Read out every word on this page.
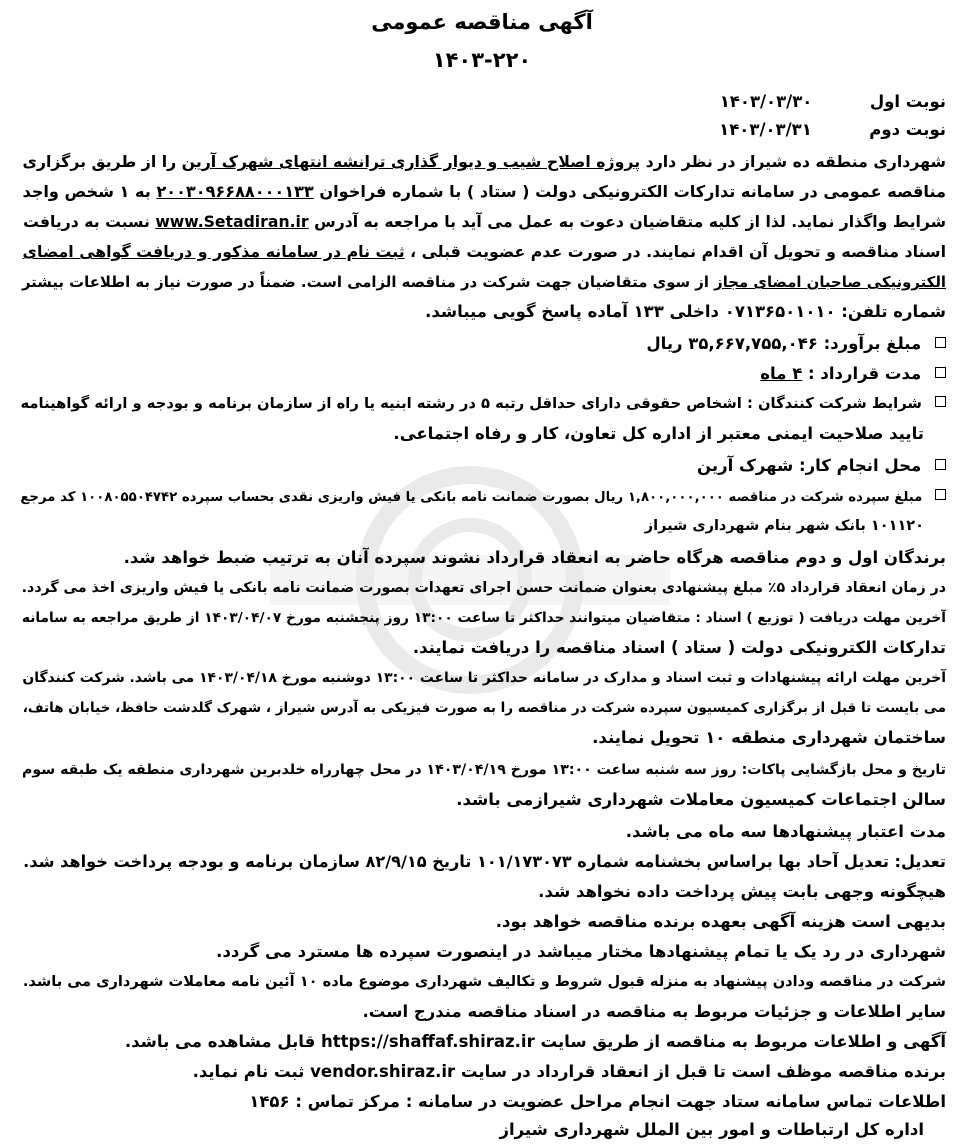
آگهی مناقصه عمومی
۱۴۰۳-۲۲۰
نوبت اول          ۱۴۰۳/۰۳/۳۰
نوبت دوم          ۱۴۰۳/۰۳/۳۱
شهرداری منطقه ده شیراز در نظر دارد پروژه اصلاح شیب و دیوار گذاری ترانشه انتهای شهرک آرین را از طریق برگزاری
مناقصه عمومی در سامانه تدارکات الکترونیکی دولت ( ستاد ) با شماره فراخوان ۲۰۰۳۰۹۶۶۸۸۰۰۰۱۳۳ به ۱ شخص واجد
شرایط واگذار نماید. لذا از کلیه متقاضیان دعوت به عمل می آید با مراجعه به آدرس www.Setadiran.ir نسبت به دریافت
اسناد مناقصه و تحویل آن اقدام نمایند. در صورت عدم عضویت قبلی ، ثبت نام در سامانه مذکور و دریافت گواهی امضای
الکترونیکی صاحبان امضای مجاز از سوی متقاضیان جهت شرکت در مناقصه الزامی است. ضمناً در صورت نیاز به اطلاعات بیشتر
شماره تلفن: ۰۷۱۳۶۵۰۱۰۱۰ داخلی ۱۳۳ آماده پاسخ گویی میباشد.
مبلغ برآورد: ۳۵,۶۶۷,۷۵۵,۰۴۶ ریال
مدت قرارداد : ۴ ماه
شرایط شرکت کنندگان : اشخاص حقوقی دارای حداقل رتبه ۵ در رشته ابنیه یا راه از سازمان برنامه و بودجه و ارائه گواهینامه
تایید صلاحیت ایمنی معتبر از اداره کل تعاون، کار و رفاه اجتماعی.
محل انجام کار: شهرک آرین
مبلغ سپرده شرکت در مناقصه ۱,۸۰۰,۰۰۰,۰۰۰ ریال بصورت ضمانت نامه بانکی یا فیش واریزی نقدی بحساب سپرده ۱۰۰۸۰۵۵۰۴۷۴۲ کد مرجع
۱۰۱۱۲۰ بانک شهر بنام شهرداری شیراز
برندگان اول و دوم مناقصه هرگاه حاضر به انعقاد قرارداد نشوند سپرده آنان به ترتیب ضبط خواهد شد.
در زمان انعقاد قرارداد ۵٪ مبلغ پیشنهادی بعنوان ضمانت حسن اجرای تعهدات بصورت ضمانت نامه بانکی یا فیش واریزی اخذ می گردد.
آخرین مهلت دریافت ( توزیع ) اسناد : متقاضیان میتوانند حداکثر تا ساعت ۱۳:۰۰ روز پنجشنبه مورخ ۱۴۰۳/۰۴/۰۷ از طریق مراجعه به سامانه
تدارکات الکترونیکی دولت ( ستاد ) اسناد مناقصه را دریافت نمایند.
آخرین مهلت ارائه پیشنهادات و ثبت اسناد و مدارک در سامانه حداکثر تا ساعت ۱۳:۰۰ دوشنبه مورخ ۱۴۰۳/۰۴/۱۸ می باشد. شرکت کنندگان
می بایست تا قبل از برگزاری کمیسیون سپرده شرکت در مناقصه را به صورت فیزیکی به آدرس شیراز ، شهرک گلدشت حافظ، خیابان هاتف،
ساختمان شهرداری منطقه ۱۰ تحویل نمایند.
تاریخ و محل بازگشایی پاکات: روز سه شنبه ساعت ۱۳:۰۰ مورخ ۱۴۰۳/۰۴/۱۹ در محل چهارراه خلدبرین شهرداری منطقه یک طبقه سوم
سالن اجتماعات کمیسیون معاملات شهرداری شیرازمی باشد.
مدت اعتبار پیشنهادها سه ماه می باشد.
تعدیل: تعدیل آحاد بها براساس بخشنامه شماره ۱۰۱/۱۷۳۰۷۳ تاریخ ۸۲/۹/۱۵ سازمان برنامه و بودجه پرداخت خواهد شد.
هیچگونه وجهی بابت پیش پرداخت داده نخواهد شد.
بدیهی است هزینه آگهی بعهده برنده مناقصه خواهد بود.
شهرداری در رد یک یا تمام پیشنهادها مختار میباشد در اینصورت سپرده ها مسترد می گردد.
شرکت در مناقصه ودادن پیشنهاد به منزله قبول شروط و تکالیف شهرداری موضوع ماده ۱۰ آئین نامه معاملات شهرداری می باشد.
سایر اطلاعات و جزئیات مربوط به مناقصه در اسناد مناقصه مندرج است.
آگهی و اطلاعات مربوط به مناقصه از طریق سایت https://shaffaf.shiraz.ir قابل مشاهده می باشد.
برنده مناقصه موظف است تا قبل از انعقاد قرارداد در سایت vendor.shiraz.ir ثبت نام نماید.
اطلاعات تماس سامانه ستاد جهت انجام مراحل عضویت در سامانه : مرکز تماس : ۱۴۵۶
اداره کل ارتباطات و امور بین الملل شهرداری شیراز
